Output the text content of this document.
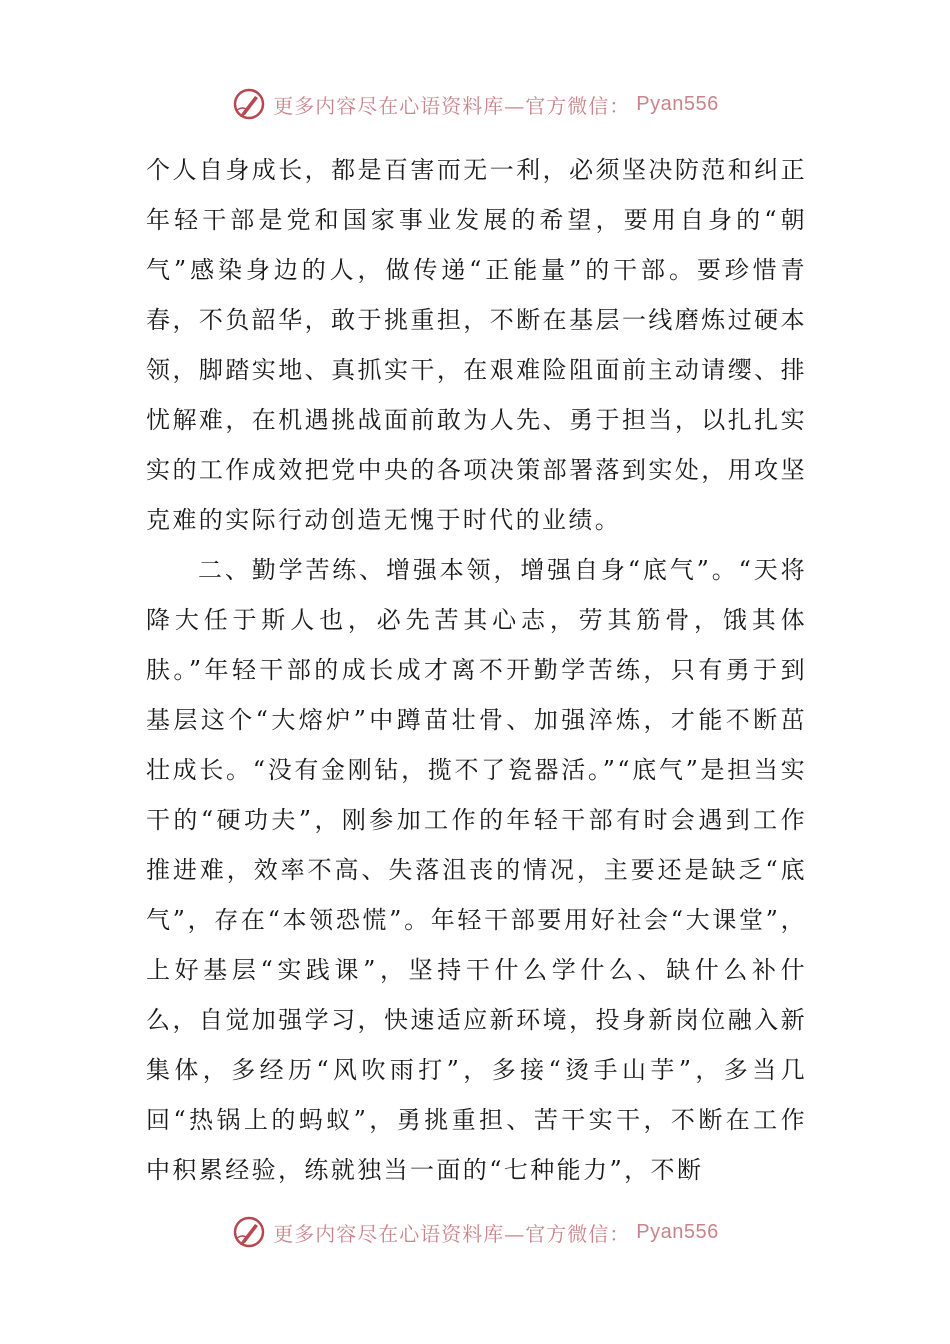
更多内容尽在心语资料库—官方微信： Pyan556

个人自身成长，都是百害而无一利，必须坚决防范和纠正年轻干部是党和国家事业发展的希望，要用自身的“朝气”感染身边的人，做传递“正能量”的干部。要珍惜青春，不负韶华，敢于挑重担，不断在基层一线磨炼过硬本领，脚踏实地、真抓实干，在艰难险阻面前主动请缨、排忧解难，在机遇挑战面前敢为人先、勇于担当，以扎扎实实的工作成效把党中央的各项决策部署落到实处，用攻坚克难的实际行动创造无愧于时代的业绩。

二、勤学苦练、增强本领，增强自身“底气”。“天将降大任于斯人也，必先苦其心志，劳其筋骨，饿其体肤。”年轻干部的成长成才离不开勤学苦练，只有勇于到基层这个“大熔炉”中蹲苗壮骨、加强淬炼，才能不断茁壮成长。“没有金刚钻，揽不了瓷器活。”“底气”是担当实干的“硬功夫”，刚参加工作的年轻干部有时会遇到工作推进难，效率不高、失落沮丧的情况，主要还是缺乏“底气”，存在“本领恐慌”。年轻干部要用好社会“大课堂”，上好基层“实践课”，坚持干什么学什么、缺什么补什么，自觉加强学习，快速适应新环境，投身新岗位融入新集体，多经历“风吹雨打”，多接“烫手山芋”，多当几回“热锅上的蚂蚁”，勇挑重担、苦干实干，不断在工作中积累经验，练就独当一面的“七种能力”，不断

更多内容尽在心语资料库—官方微信： Pyan556
